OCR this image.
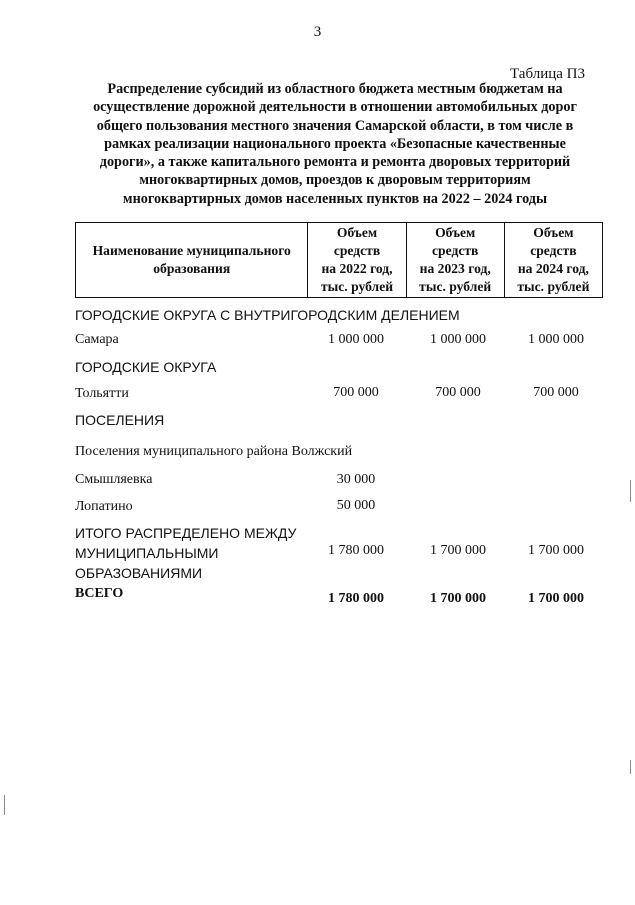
3
Таблица П3
Распределение субсидий из областного бюджета местным бюджетам на
осуществление дорожной деятельности в отношении автомобильных дорог
общего пользования местного значения Самарской области, в том числе в
рамках реализации национального проекта «Безопасные качественные
дороги», а также капитального ремонта и ремонта дворовых территорий
многоквартирных домов, проездов к дворовым территориям
многоквартирных домов населенных пунктов на 2022 – 2024 годы
Наименование муниципального
образования

Объем
средств
на 2022 год,
тыс. рублей

Объем
средств
на 2023 год,
тыс. рублей

Объем
средств
на 2024 год,
тыс. рублей
ГОРОДСКИЕ ОКРУГА С ВНУТРИГОРОДСКИМ ДЕЛЕНИЕМ
Самара	1 000 000	1 000 000	1 000 000
ГОРОДСКИЕ ОКРУГА
Тольятти	700 000	700 000	700 000
ПОСЕЛЕНИЯ
Поселения муниципального района Волжский
Смышляевка	30 000
Лопатино	50 000
ИТОГО РАСПРЕДЕЛЕНО МЕЖДУ
МУНИЦИПАЛЬНЫМИ
ОБРАЗОВАНИЯМИ
1 780 000	1 700 000	1 700 000
ВСЕГО	1 780 000	1 700 000	1 700 000
